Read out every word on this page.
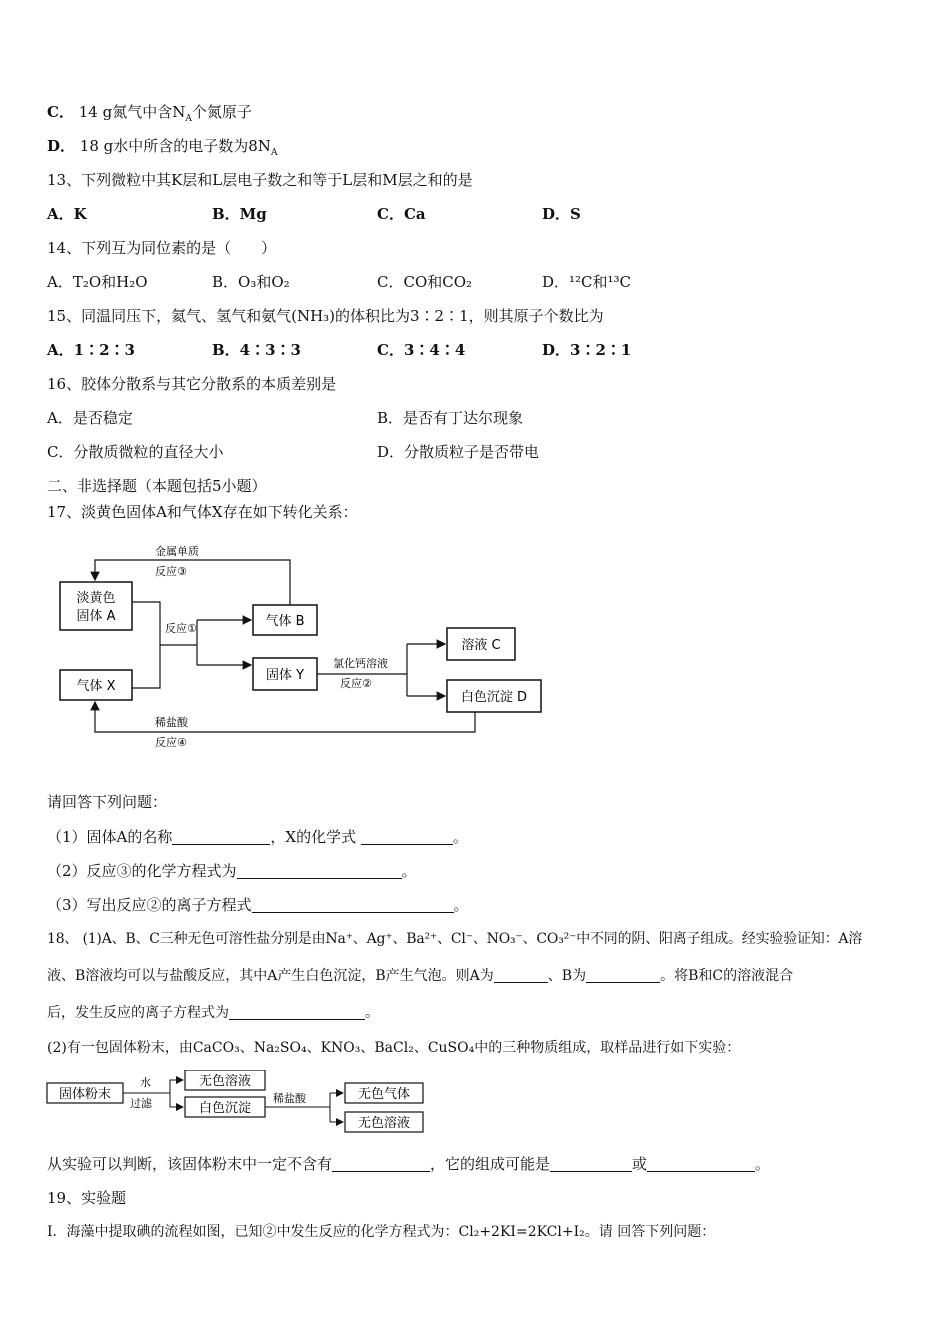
C． 14 g氮气中含$N_A$个氮原子
D． 18 g水中所含的电子数为$8N_A$
13、下列微粒中其K层和L层电子数之和等于L层和M层之和的是
A．K	B．Mg	C．Ca	D．S
14、下列互为同位素的是（　　）
A．T₂O和H₂O	B．O₃和O₂	C．CO和CO₂	D．¹²C和¹³C
15、同温同压下，氦气、氢气和氨气(NH₃)的体积比为3∶2∶1，则其原子个数比为
A．1∶2∶3	B．4∶3∶3	C．3∶4∶4	D．3∶2∶1
16、胶体分散系与其它分散系的本质差别是
A．是否稳定	B．是否有丁达尔现象
C．分散质微粒的直径大小	D．分散质粒子是否带电
二、非选择题（本题包括5小题）
17、淡黄色固体A和气体X存在如下转化关系：
淡黄色
固体 A
气体 X
气体 B
固体 Y
溶液 C
白色沉淀 D
金属单质
反应③
反应①
氯化钙溶液
反应②
稀盐酸
反应④
请回答下列问题：
（1）固体A的名称	，X的化学式	。
（2）反应③的化学方程式为	。
（3）写出反应②的离子方程式	。
18、 (1)A、B、C三种无色可溶性盐分别是由Na⁺、Ag⁺、Ba²⁺、Cl⁻、NO₃⁻、CO₃²⁻中不同的阴、阳离子组成。经实验验证知：A溶
液、B溶液均可以与盐酸反应，其中A产生白色沉淀，B产生气泡。则A为	、B为	。将B和C的溶液混合
后，发生反应的离子方程式为	。
(2)有一包固体粉末，由CaCO₃、Na₂SO₄、KNO₃、BaCl₂、CuSO₄中的三种物质组成，取样品进行如下实验：
固体粉末
水
过滤
无色溶液
白色沉淀
稀盐酸	无色气体
无色溶液
从实验可以判断，该固体粉末中一定不含有	，它的组成可能是	或	。
19、实验题
Ⅰ．海藻中提取碘的流程如图，已知②中发生反应的化学方程式为：Cl₂+2KI=2KCl+I₂。请 回答下列问题：
